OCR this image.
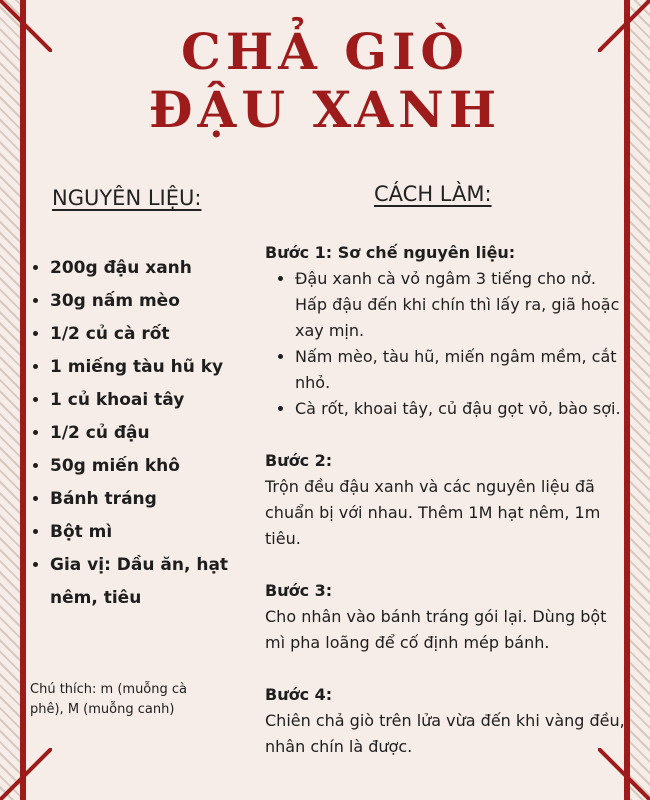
CHẢ GIÒ
ĐẬU XANH
NGUYÊN LIỆU:
• 200g đậu xanh
• 30g nấm mèo
• 1/2 củ cà rốt
• 1 miếng tàu hũ ky
• 1 củ khoai tây
• 1/2 củ đậu
• 50g miến khô
• Bánh tráng
• Bột mì
• Gia vị: Dầu ăn, hạt nêm, tiêu
Chú thích: m (muỗng cà phê), M (muỗng canh)
CÁCH LÀM:
Bước 1: Sơ chế nguyên liệu:
• Đậu xanh cà vỏ ngâm 3 tiếng cho nở. Hấp đậu đến khi chín thì lấy ra, giã hoặc xay mịn.
• Nấm mèo, tàu hũ, miến ngâm mềm, cắt nhỏ.
• Cà rốt, khoai tây, củ đậu gọt vỏ, bào sợi.
Bước 2:

Trộn đều đậu xanh và các nguyên liệu đã chuẩn bị với nhau. Thêm 1M hạt nêm, 1m tiêu.

Bước 3:

Cho nhân vào bánh tráng gói lại. Dùng bột mì pha loãng để cố định mép bánh.

Bước 4:

Chiên chả giò trên lửa vừa đến khi vàng đều, nhân chín là được.
